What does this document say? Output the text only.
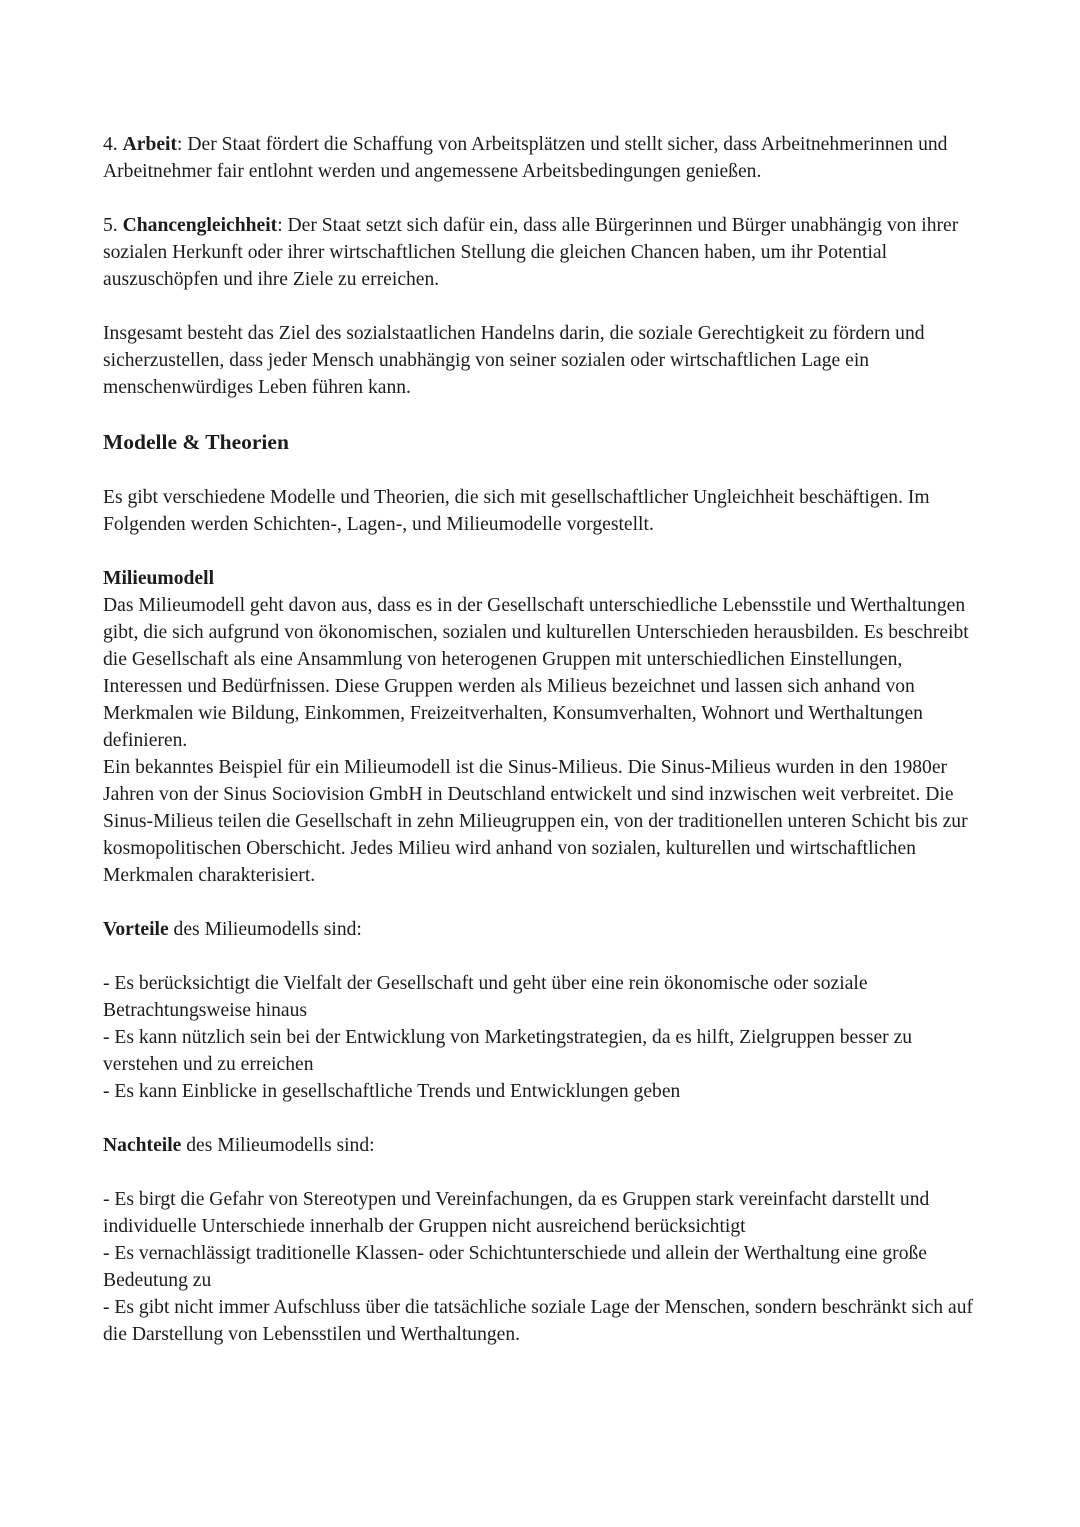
4. Arbeit: Der Staat fördert die Schaffung von Arbeitsplätzen und stellt sicher, dass Arbeitnehmerinnen und Arbeitnehmer fair entlohnt werden und angemessene Arbeitsbedingungen genießen.

5. Chancengleichheit: Der Staat setzt sich dafür ein, dass alle Bürgerinnen und Bürger unabhängig von ihrer sozialen Herkunft oder ihrer wirtschaftlichen Stellung die gleichen Chancen haben, um ihr Potential auszuschöpfen und ihre Ziele zu erreichen.

Insgesamt besteht das Ziel des sozialstaatlichen Handelns darin, die soziale Gerechtigkeit zu fördern und sicherzustellen, dass jeder Mensch unabhängig von seiner sozialen oder wirtschaftlichen Lage ein menschenwürdiges Leben führen kann.

Modelle & Theorien

Es gibt verschiedene Modelle und Theorien, die sich mit gesellschaftlicher Ungleichheit beschäftigen. Im Folgenden werden Schichten-, Lagen-, und Milieumodelle vorgestellt.

Milieumodell

Das Milieumodell geht davon aus, dass es in der Gesellschaft unterschiedliche Lebensstile und Werthaltungen gibt, die sich aufgrund von ökonomischen, sozialen und kulturellen Unterschieden herausbilden. Es beschreibt die Gesellschaft als eine Ansammlung von heterogenen Gruppen mit unterschiedlichen Einstellungen, Interessen und Bedürfnissen. Diese Gruppen werden als Milieus bezeichnet und lassen sich anhand von Merkmalen wie Bildung, Einkommen, Freizeitverhalten, Konsumverhalten, Wohnort und Werthaltungen definieren.

Ein bekanntes Beispiel für ein Milieumodell ist die Sinus-Milieus. Die Sinus-Milieus wurden in den 1980er Jahren von der Sinus Sociovision GmbH in Deutschland entwickelt und sind inzwischen weit verbreitet. Die Sinus-Milieus teilen die Gesellschaft in zehn Milieugruppen ein, von der traditionellen unteren Schicht bis zur kosmopolitischen Oberschicht. Jedes Milieu wird anhand von sozialen, kulturellen und wirtschaftlichen Merkmalen charakterisiert.

Vorteile des Milieumodells sind:

- Es berücksichtigt die Vielfalt der Gesellschaft und geht über eine rein ökonomische oder soziale Betrachtungsweise hinaus

- Es kann nützlich sein bei der Entwicklung von Marketingstrategien, da es hilft, Zielgruppen besser zu verstehen und zu erreichen

- Es kann Einblicke in gesellschaftliche Trends und Entwicklungen geben

Nachteile des Milieumodells sind:

- Es birgt die Gefahr von Stereotypen und Vereinfachungen, da es Gruppen stark vereinfacht darstellt und individuelle Unterschiede innerhalb der Gruppen nicht ausreichend berücksichtigt

- Es vernachlässigt traditionelle Klassen- oder Schichtunterschiede und allein der Werthaltung eine große Bedeutung zu

- Es gibt nicht immer Aufschluss über die tatsächliche soziale Lage der Menschen, sondern beschränkt sich auf die Darstellung von Lebensstilen und Werthaltungen.
